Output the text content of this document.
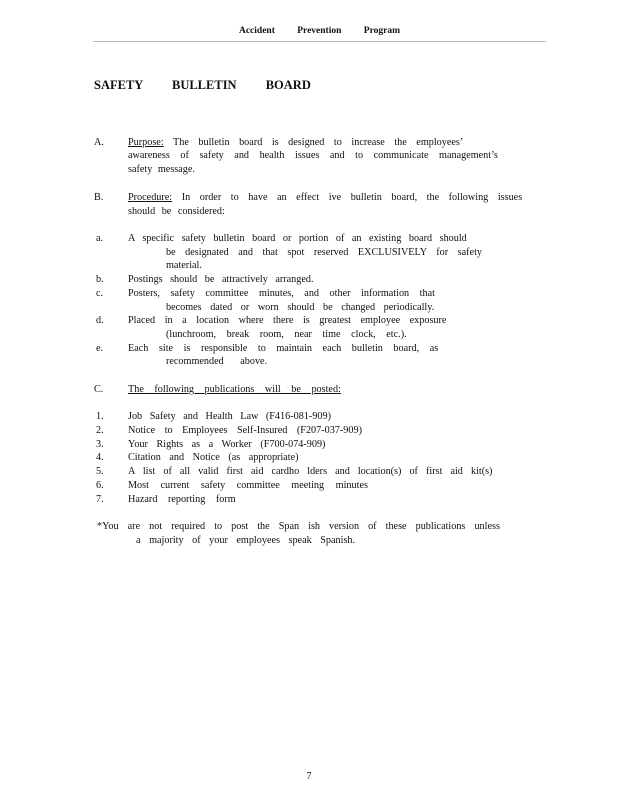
Accident Prevention Program
SAFETY BULLETIN BOARD
A. Purpose: The bulletin board is designed to increase the employees’
awareness of safety and health issues and to communicate management’s
safety message.
B. Procedure: In order to have an effect ive bulletin board, the following issues
should be considered:
a. A specific safety bulletin board or portion of an existing board should
be designated and that spot reserved EXCLUSIVELY for safety
material.
b. Postings should be attractively arranged.
c. Posters, safety committee minutes, and other information that
becomes dated or worn should be changed periodically.
d. Placed in a location where there is greatest employee exposure
(lunchroom, break room, near time clock, etc.).
e. Each site is responsible to maintain each bulletin board, as
recommended above.
C. The following publications will be posted:
1. Job Safety and Health Law (F416-081-909)
2. Notice to Employees Self-Insured (F207-037-909)
3. Your Rights as a Worker (F700-074-909)
4. Citation and Notice (as appropriate)
5. A list of all valid first aid cardho lders and location(s) of first aid kit(s)
6. Most current safety committee meeting minutes
7. Hazard reporting form
*You are not required to post the Span ish version of these publications unless
a majority of your employees speak Spanish.
7
